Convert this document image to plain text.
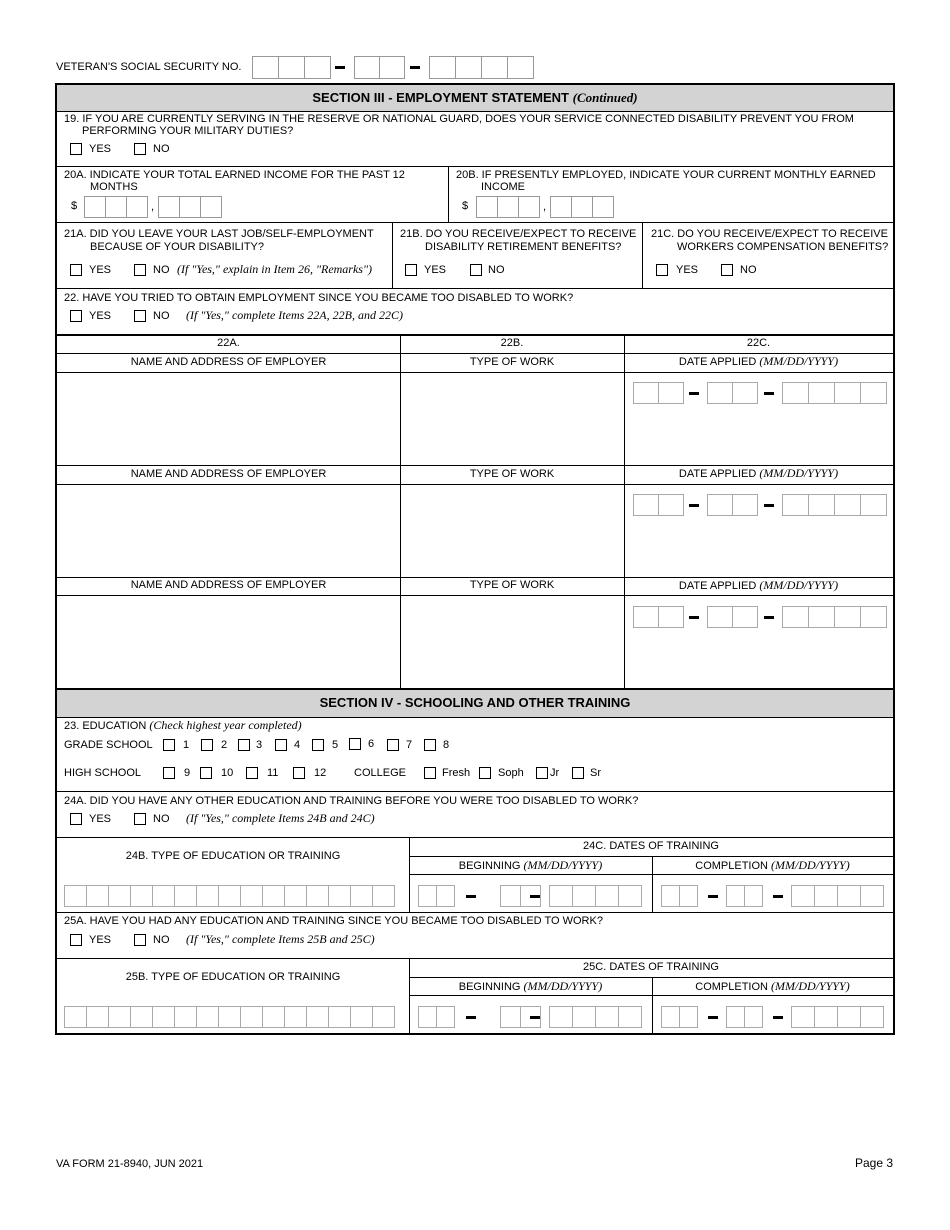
VETERAN'S SOCIAL SECURITY NO.
SECTION III - EMPLOYMENT STATEMENT (Continued)
19. IF YOU ARE CURRENTLY SERVING IN THE RESERVE OR NATIONAL GUARD, DOES YOUR SERVICE CONNECTED DISABILITY PREVENT YOU FROM
PERFORMING YOUR MILITARY DUTIES?
YES	NO
20A. INDICATE YOUR TOTAL EARNED INCOME FOR THE PAST 12
MONTHS
$	,
20B. IF PRESENTLY EMPLOYED, INDICATE YOUR CURRENT MONTHLY EARNED
INCOME
$	,
21A. DID YOU LEAVE YOUR LAST JOB/SELF-EMPLOYMENT
BECAUSE OF YOUR DISABILITY?
YES	NO (If "Yes," explain in Item 26, "Remarks")
21B. DO YOU RECEIVE/EXPECT TO RECEIVE
DISABILITY RETIREMENT BENEFITS?
YES	NO
21C. DO YOU RECEIVE/EXPECT TO RECEIVE
WORKERS COMPENSATION BENEFITS?
YES	NO
22. HAVE YOU TRIED TO OBTAIN EMPLOYMENT SINCE YOU BECAME TOO DISABLED TO WORK?
YES	NO (If "Yes," complete Items 22A, 22B, and 22C)
22A.	22B.	22C.
NAME AND ADDRESS OF EMPLOYER	TYPE OF WORK	DATE APPLIED (MM/DD/YYYY)
NAME AND ADDRESS OF EMPLOYER	TYPE OF WORK	DATE APPLIED (MM/DD/YYYY)
NAME AND ADDRESS OF EMPLOYER	TYPE OF WORK	DATE APPLIED (MM/DD/YYYY)
SECTION IV - SCHOOLING AND OTHER TRAINING
23. EDUCATION (Check highest year completed)
GRADE SCHOOL	1	2	3	4	5	6	7	8
HIGH SCHOOL	9	10	11	12	COLLEGE	Fresh	Soph Jr	Sr
24A. DID YOU HAVE ANY OTHER EDUCATION AND TRAINING BEFORE YOU WERE TOO DISABLED TO WORK?
YES	NO (If "Yes," complete Items 24B and 24C)
24B. TYPE OF EDUCATION OR TRAINING
24C. DATES OF TRAINING
BEGINNING (MM/DD/YYYY)	COMPLETION (MM/DD/YYYY)
25A. HAVE YOU HAD ANY EDUCATION AND TRAINING SINCE YOU BECAME TOO DISABLED TO WORK?
YES	NO (If "Yes," complete Items 25B and 25C)
25B. TYPE OF EDUCATION OR TRAINING
25C. DATES OF TRAINING
BEGINNING (MM/DD/YYYY)	COMPLETION (MM/DD/YYYY)
VA FORM 21-8940, JUN 2021	Page 3
